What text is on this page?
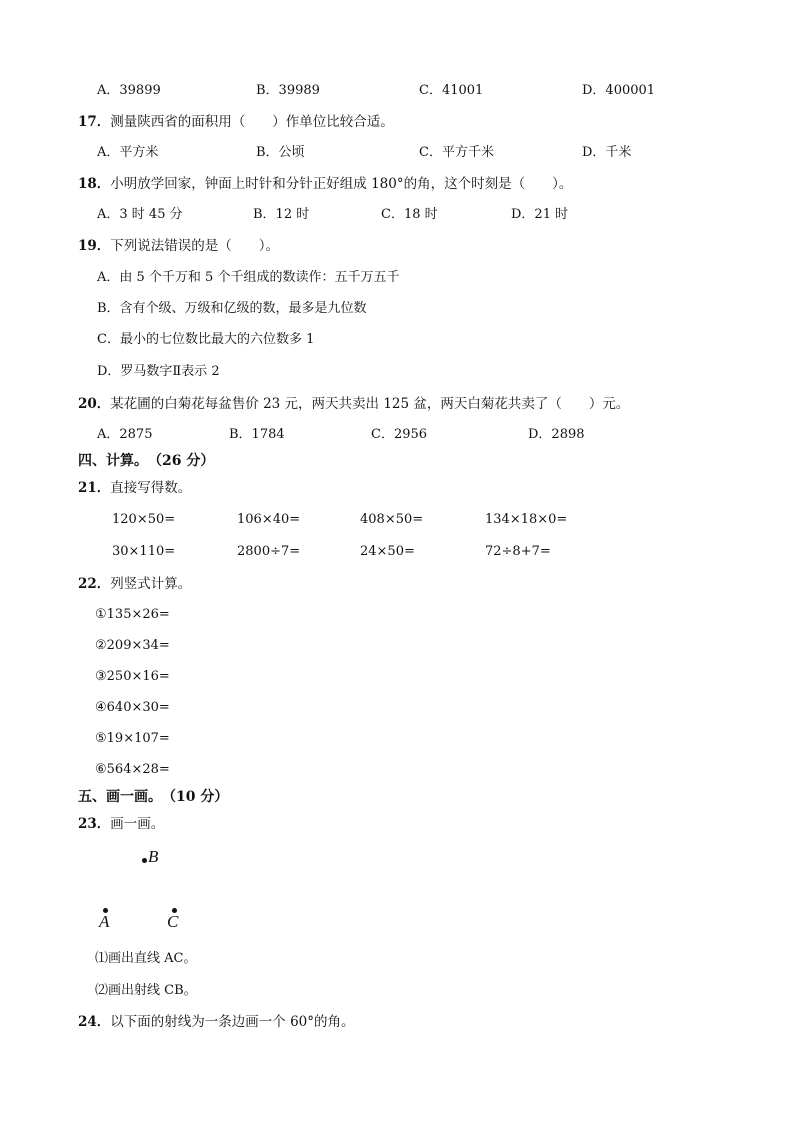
A．39899	B．39989	C．41001	D．400001
17．测量陕西省的面积用（　　）作单位比较合适。
A．平方米	B．公顷	C．平方千米	D．千米
18．小明放学回家，钟面上时针和分针正好组成 180°的角，这个时刻是（　　）。
A．3 时 45 分	B．12 时	C．18 时	D．21 时
19．下列说法错误的是（　　）。
A．由 5 个千万和 5 个千组成的数读作：五千万五千
B．含有个级、万级和亿级的数，最多是九位数
C．最小的七位数比最大的六位数多 1
D．罗马数字Ⅱ表示 2
20．某花圃的白菊花每盆售价 23 元，两天共卖出 125 盆，两天白菊花共卖了（　　）元。
A．2875	B．1784	C．2956	D．2898
四、计算。　（26 分）
21．直接写得数。
120×50=	106×40=	408×50=	134×18×0=
30×110=	2800÷7=	24×50=	72÷8+7=
22．列竖式计算。
①135×26=
②209×34=
③250×16=
④640×30=
⑤19×107=
⑥564×28=
五、画一画。　（10 分）
23．画一画。
B
A	C
⑴画出直线 AC。
⑵画出射线 CB。
24．以下面的射线为一条边画一个 60°的角。
